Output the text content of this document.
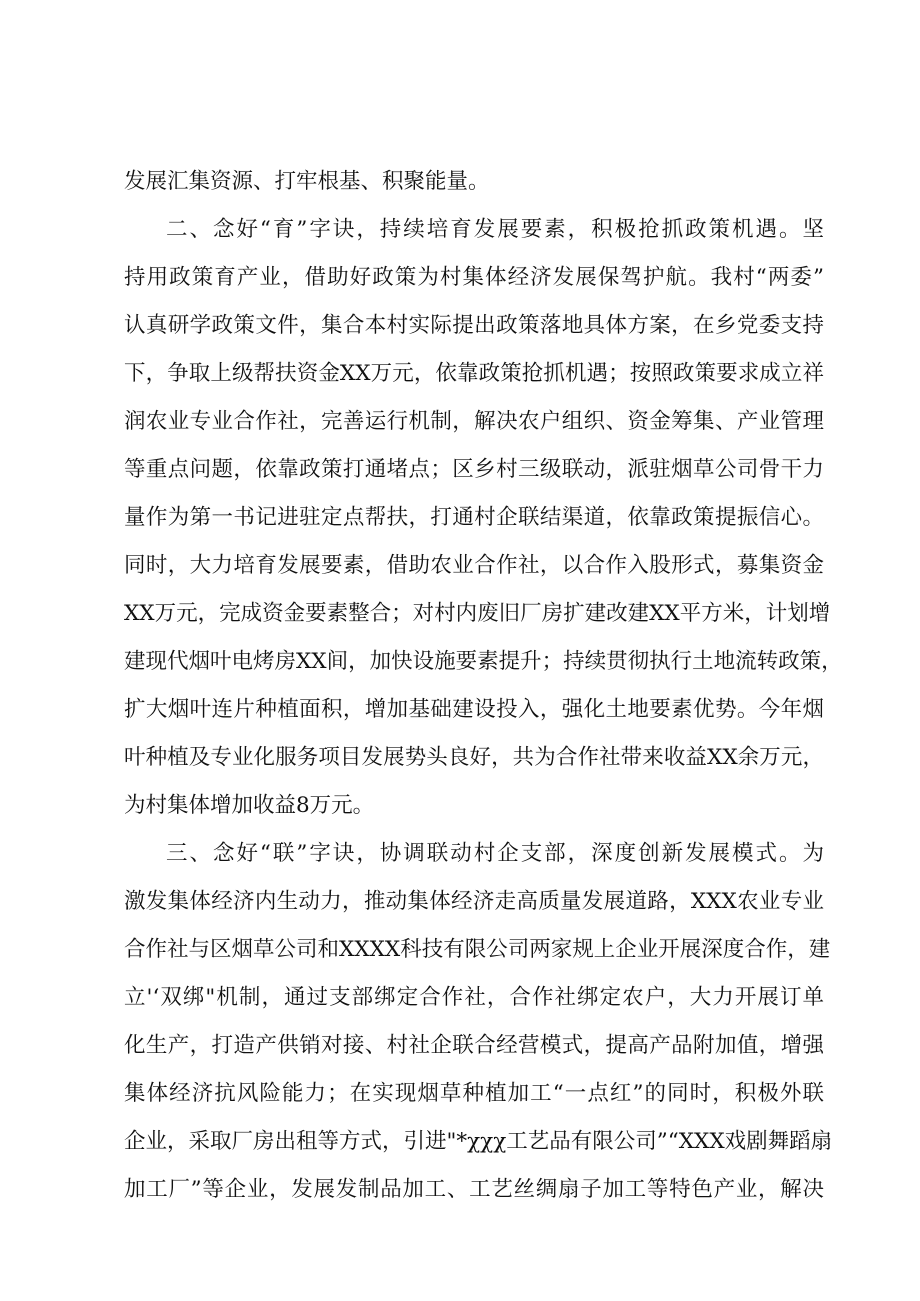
发展汇集资源、打牢根基、积聚能量。
二、念好“育”字诀，持续培育发展要素，积极抢抓政策机遇。坚
持用政策育产业，借助好政策为村集体经济发展保驾护航。我村“两委”
认真研学政策文件，集合本村实际提出政策落地具体方案，在乡党委支持
下，争取上级帮扶资金XX万元，依靠政策抢抓机遇；按照政策要求成立祥
润农业专业合作社，完善运行机制，解决农户组织、资金筹集、产业管理
等重点问题，依靠政策打通堵点；区乡村三级联动，派驻烟草公司骨干力
量作为第一书记进驻定点帮扶，打通村企联结渠道，依靠政策提振信心。
同时，大力培育发展要素，借助农业合作社，以合作入股形式，募集资金
XX万元，完成资金要素整合；对村内废旧厂房扩建改建XX平方米，计划增
建现代烟叶电烤房XX间，加快设施要素提升；持续贯彻执行土地流转政策，
扩大烟叶连片种植面积，增加基础建设投入，强化土地要素优势。今年烟
叶种植及专业化服务项目发展势头良好，共为合作社带来收益XX余万元，
为村集体增加收益8万元。
三、念好“联”字诀，协调联动村企支部，深度创新发展模式。为
激发集体经济内生动力，推动集体经济走高质量发展道路，XXX农业专业
合作社与区烟草公司和XXXX科技有限公司两家规上企业开展深度合作，建
立'‘双绑"机制，通过支部绑定合作社，合作社绑定农户，大力开展订单
化生产，打造产供销对接、村社企联合经营模式，提高产品附加值，增强
集体经济抗风险能力；在实现烟草种植加工“一点红”的同时，积极外联
企业，采取厂房出租等方式，引进"*χχχ工艺品有限公司”“XXX戏剧舞蹈扇
加工厂”等企业，发展发制品加工、工艺丝绸扇子加工等特色产业，解决
